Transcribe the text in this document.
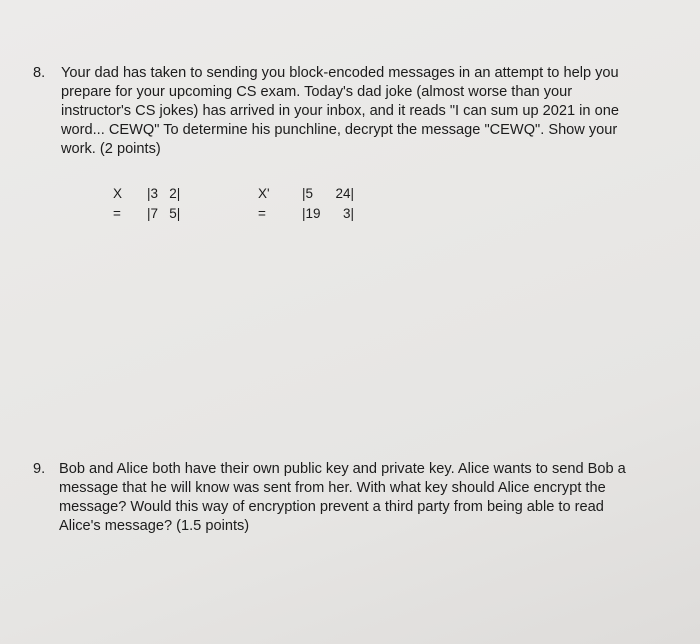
8. Your dad has taken to sending you block-encoded messages in an attempt to help you
prepare for your upcoming CS exam. Today's dad joke (almost worse than your
instructor's CS jokes) has arrived in your inbox, and it reads "I can sum up 2021 in one
word... CEWQ" To determine his punchline, decrypt the message "CEWQ". Show your
work. (2 points)
X =
|3   2|
|7   5|
X' =
|5      24|
|19      3|
9. Bob and Alice both have their own public key and private key. Alice wants to send Bob a
message that he will know was sent from her. With what key should Alice encrypt the
message? Would this way of encryption prevent a third party from being able to read
Alice's message? (1.5 points)
